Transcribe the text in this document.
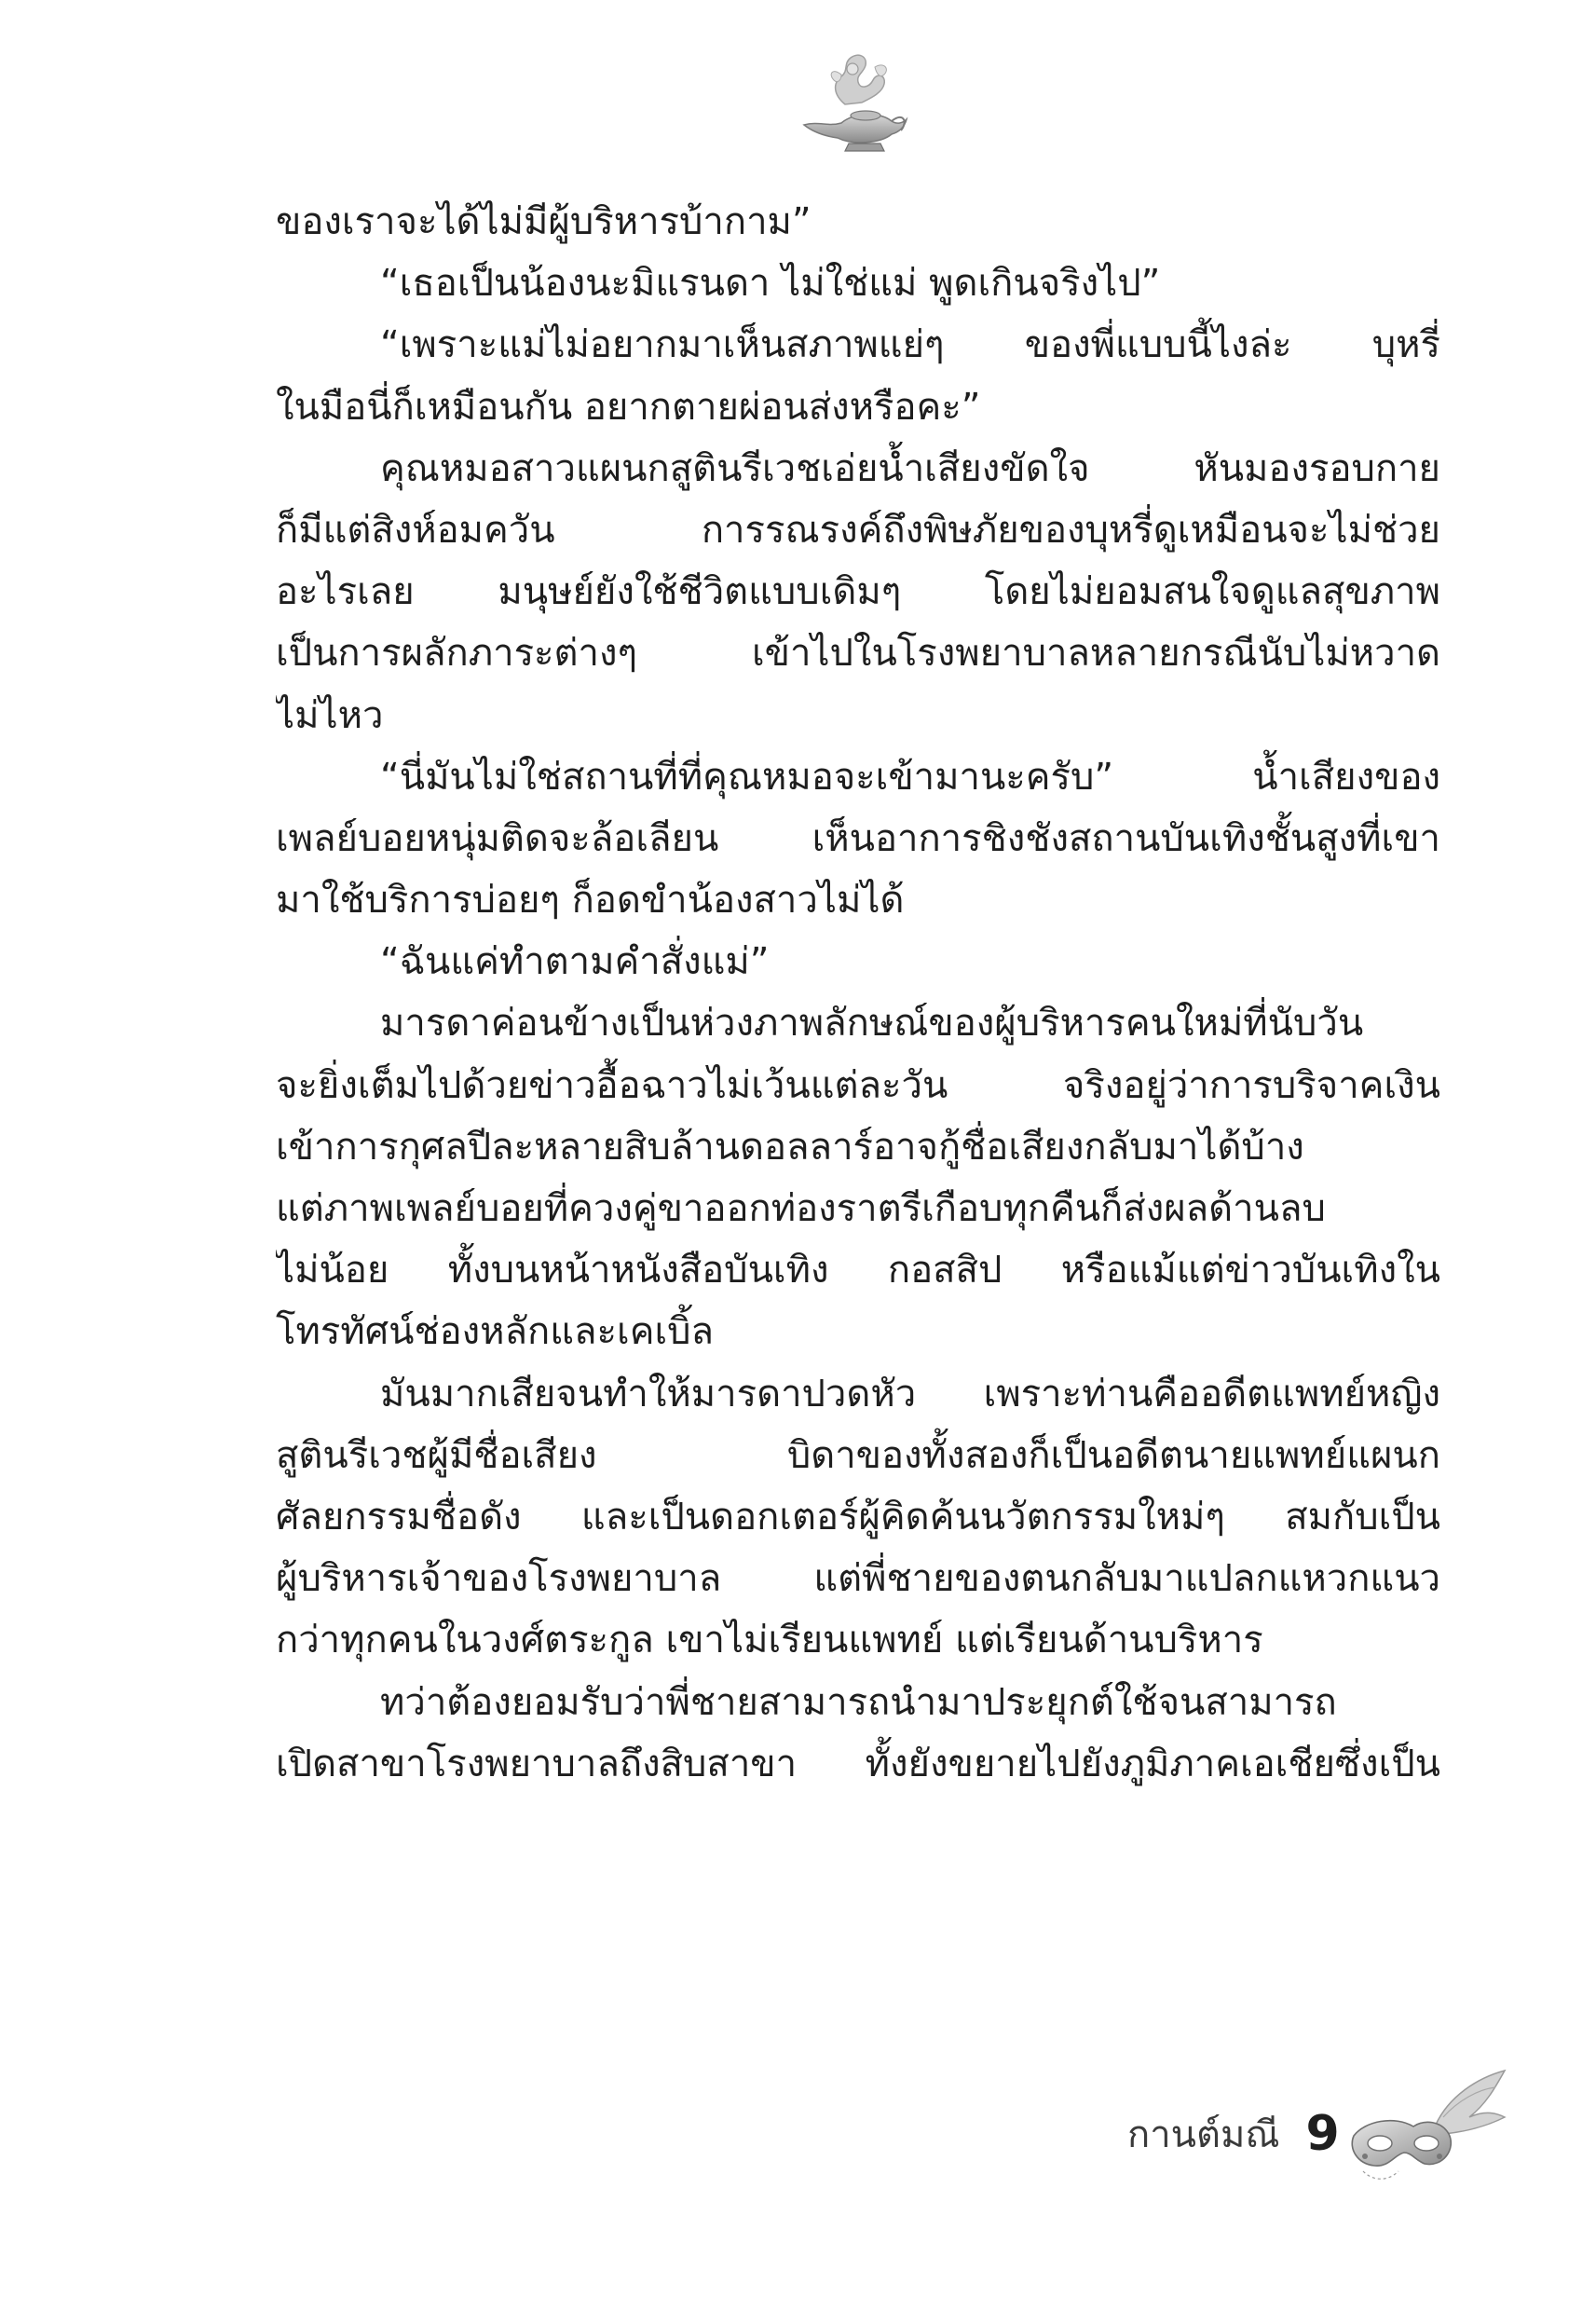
ของเราจะได้ไม่มีผู้บริหารบ้ากาม”
“เธอเป็นน้องนะมิแรนดา ไม่ใช่แม่ พูดเกินจริงไป”
“เพราะแม่ไม่อยากมาเห็นสภาพแย่ๆ ของพี่แบบนี้ไงล่ะ บุหรี่
ในมือนี่ก็เหมือนกัน อยากตายผ่อนส่งหรือคะ”
คุณหมอสาวแผนกสูตินรีเวชเอ่ยน้ำเสียงขัดใจ หันมองรอบกาย
ก็มีแต่สิงห์อมควัน การรณรงค์ถึงพิษภัยของบุหรี่ดูเหมือนจะไม่ช่วย
อะไรเลย มนุษย์ยังใช้ชีวิตแบบเดิมๆ โดยไม่ยอมสนใจดูแลสุขภาพ
เป็นการผลักภาระต่างๆ เข้าไปในโรงพยาบาลหลายกรณีนับไม่หวาด
ไม่ไหว
“นี่มันไม่ใช่สถานที่ที่คุณหมอจะเข้ามานะครับ” น้ำเสียงของ
เพลย์บอยหนุ่มติดจะล้อเลียน เห็นอาการชิงชังสถานบันเทิงชั้นสูงที่เขา
มาใช้บริการบ่อยๆ ก็อดขำน้องสาวไม่ได้
“ฉันแค่ทำตามคำสั่งแม่”
มารดาค่อนข้างเป็นห่วงภาพลักษณ์ของผู้บริหารคนใหม่ที่นับวัน
จะยิ่งเต็มไปด้วยข่าวอื้อฉาวไม่เว้นแต่ละวัน จริงอยู่ว่าการบริจาคเงิน
เข้าการกุศลปีละหลายสิบล้านดอลลาร์อาจกู้ชื่อเสียงกลับมาได้บ้าง
แต่ภาพเพลย์บอยที่ควงคู่ขาออกท่องราตรีเกือบทุกคืนก็ส่งผลด้านลบ
ไม่น้อย ทั้งบนหน้าหนังสือบันเทิง กอสสิป หรือแม้แต่ข่าวบันเทิงใน
โทรทัศน์ช่องหลักและเคเบิ้ล
มันมากเสียจนทำให้มารดาปวดหัว เพราะท่านคืออดีตแพทย์หญิง
สูตินรีเวชผู้มีชื่อเสียง บิดาของทั้งสองก็เป็นอดีตนายแพทย์แผนก
ศัลยกรรมชื่อดัง และเป็นดอกเตอร์ผู้คิดค้นนวัตกรรมใหม่ๆ สมกับเป็น
ผู้บริหารเจ้าของโรงพยาบาล แต่พี่ชายของตนกลับมาแปลกแหวกแนว
กว่าทุกคนในวงศ์ตระกูล เขาไม่เรียนแพทย์ แต่เรียนด้านบริหาร
ทว่าต้องยอมรับว่าพี่ชายสามารถนำมาประยุกต์ใช้จนสามารถ
เปิดสาขาโรงพยาบาลถึงสิบสาขา ทั้งยังขยายไปยังภูมิภาคเอเชียซึ่งเป็น
กานต์มณี 9
